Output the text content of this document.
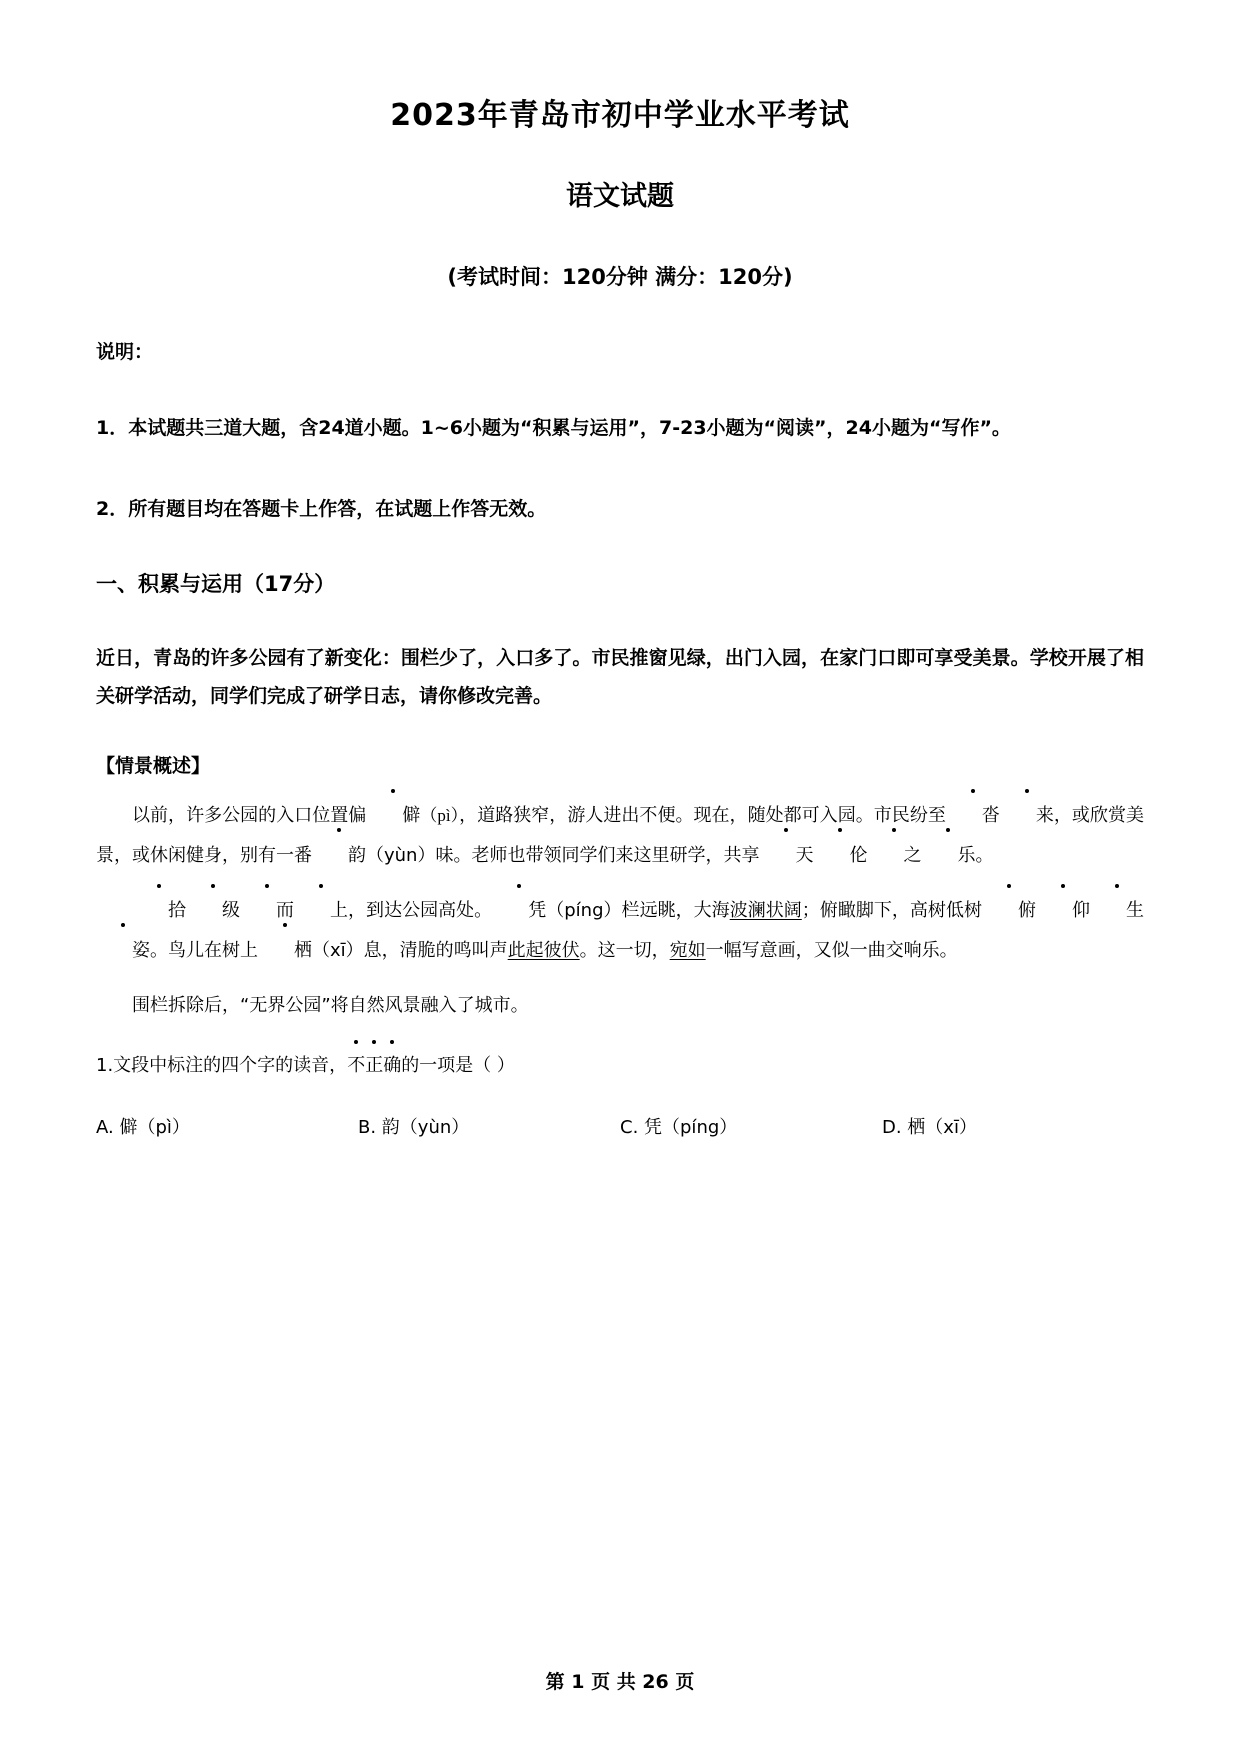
2023年青岛市初中学业水平考试
语文试题

(考试时间：120分钟 满分：120分)

说明：

1．本试题共三道大题，含24道小题。1~6小题为“积累与运用”，7-23小题为“阅读”，24小题为“写作”。

2．所有题目均在答题卡上作答，在试题上作答无效。

一、积累与运用（17分）

近日，青岛的许多公园有了新变化：围栏少了，入口多了。市民推窗见绿，出门入园，在家门口即可享受美景。学校开展了相关研学活动，同学们完成了研学日志，请你修改完善。

【情景概述】

以前，许多公园的入口位置偏 僻（pì），道路狭窄，游人进出不便。现在，随处都可入园。市民纷至 沓 来，或欣赏美景，或休闲健身，别有一番 韵（yùn）味。老师也带领同学们来这里研学，共享 天 伦 之 乐。

拾 级 而 上，到达公园高处。 凭（píng）栏远眺，大海波澜状阔；俯瞰脚下，高树低树 俯 仰 生姿。鸟儿在树上 栖（xī）息，清脆的鸣叫声此起彼伏。这一切，宛如一幅写意画，又似一曲交响乐。

围栏拆除后，“无界公园”将自然风景融入了城市。

1.文段中标注的四个字的读音，不正确的一项是（ ）

A. 僻（pì）	B. 韵（yùn）	C. 凭（píng）	D. 栖（xī）
第 1 页 共 26 页
